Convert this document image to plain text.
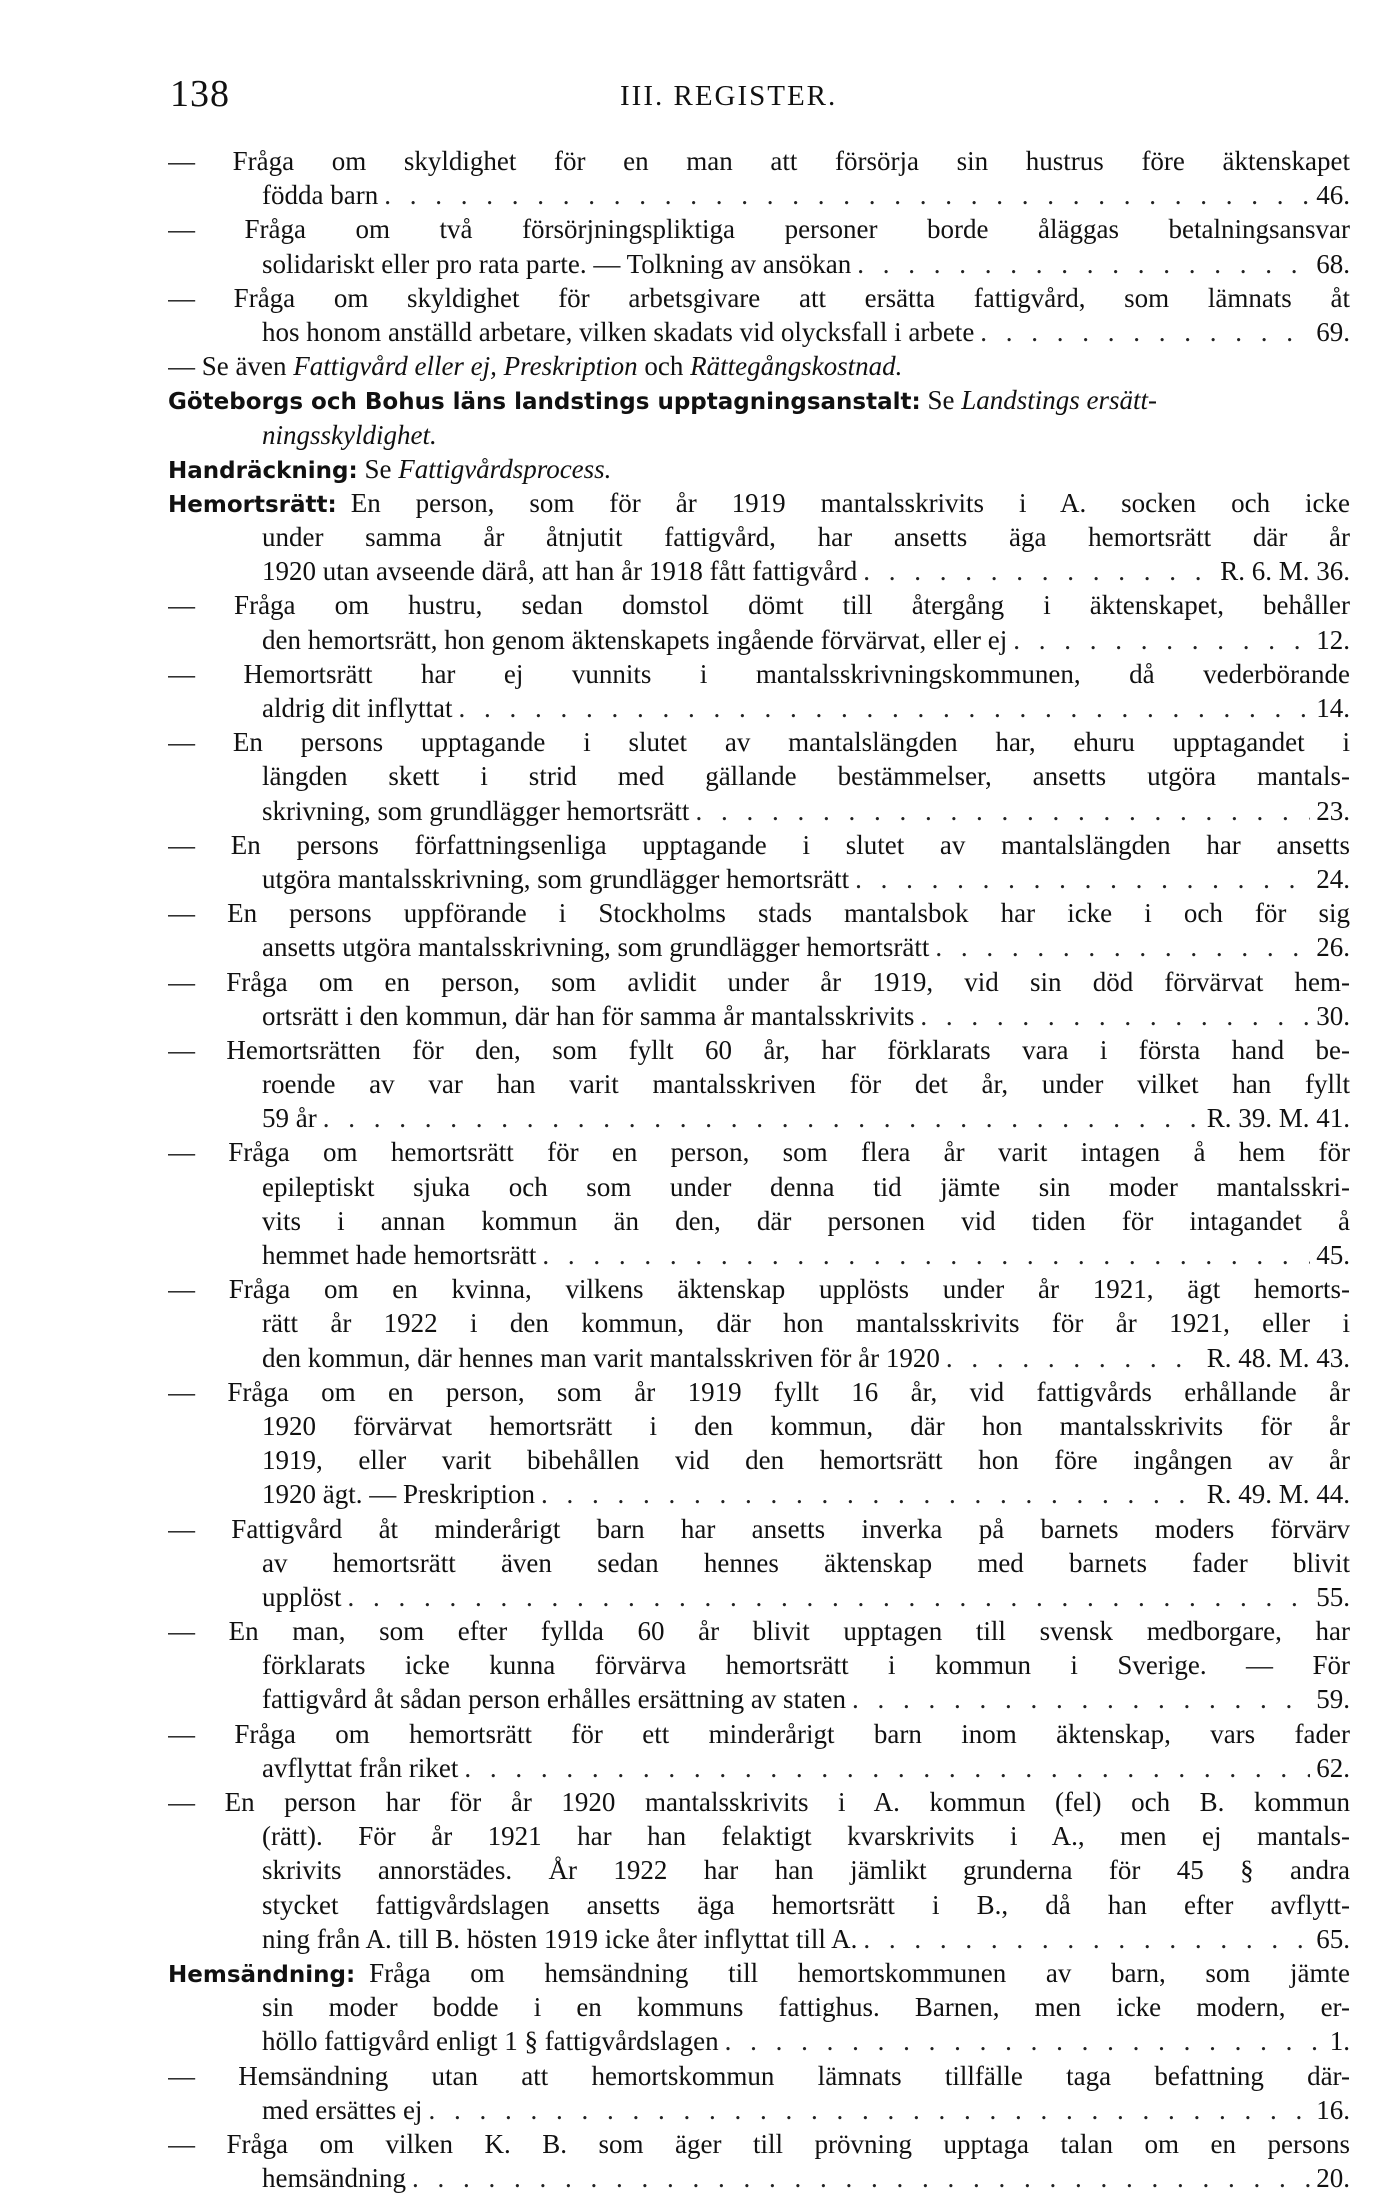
138	III. REGISTER.
— Fråga om skyldighet för en man att försörja sin hustrus före äktenskapet
födda barn . . .	46.
— Fråga om två försörjningspliktiga personer borde åläggas betalningsansvar
solidariskt eller pro rata parte. — Tolkning av ansökan . . .	68.
— Fråga om skyldighet för arbetsgivare att ersätta fattigvård, som lämnats åt
hos honom anställd arbetare, vilken skadats vid olycksfall i arbete . . .	69.
— Se även
Fattigvård eller ej, Preskription
och
Rättegångskostnad.
Göteborgs och Bohus läns landstings upptagningsanstalt:
Se
Landstings ersätt-
ningsskyldighet.
Handräckning:
Se
Fattigvårdsprocess.
Hemortsrätt: En person, som för år 1919 mantalsskrivits i A. socken och icke
under samma år åtnjutit fattigvård, har ansetts äga hemortsrätt där år
1920 utan avseende därå, att han år 1918 fått fattigvård . . .	R. 6. M. 36.
— Fråga om hustru, sedan domstol dömt till återgång i äktenskapet, behåller
den hemortsrätt, hon genom äktenskapets ingående förvärvat, eller ej . . .	12.
— Hemortsrätt har ej vunnits i mantalsskrivningskommunen, då vederbörande
aldrig dit inflyttat . . .	14.
— En persons upptagande i slutet av mantalslängden har, ehuru upptagandet i
längden skett i strid med gällande bestämmelser, ansetts utgöra mantals-
skrivning, som grundlägger hemortsrätt . . .	23.
— En persons författningsenliga upptagande i slutet av mantalslängden har ansetts
utgöra mantalsskrivning, som grundlägger hemortsrätt . . .	24.
— En persons uppförande i Stockholms stads mantalsbok har icke i och för sig
ansetts utgöra mantalsskrivning, som grundlägger hemortsrätt . . .	26.
— Fråga om en person, som avlidit under år 1919, vid sin död förvärvat hem-
ortsrätt i den kommun, där han för samma år mantalsskrivits . . .	30.
— Hemortsrätten för den, som fyllt 60 år, har förklarats vara i första hand be-
roende av var han varit mantalsskriven för det år, under vilket han fyllt
59 år . . .	R. 39. M. 41.
— Fråga om hemortsrätt för en person, som flera år varit intagen å hem för
epileptiskt sjuka och som under denna tid jämte sin moder mantalsskri-
vits i annan kommun än den, där personen vid tiden för intagandet å
hemmet hade hemortsrätt . . .	45.
— Fråga om en kvinna, vilkens äktenskap upplösts under år 1921, ägt hemorts-
rätt år 1922 i den kommun, där hon mantalsskrivits för år 1921, eller i
den kommun, där hennes man varit mantalsskriven för år 1920 . . .	R. 48. M. 43.
— Fråga om en person, som år 1919 fyllt 16 år, vid fattigvårds erhållande år
1920 förvärvat hemortsrätt i den kommun, där hon mantalsskrivits för år
1919, eller varit bibehållen vid den hemortsrätt hon före ingången av år
1920 ägt. — Preskription . . .	R. 49. M. 44.
— Fattigvård åt minderårigt barn har ansetts inverka på barnets moders förvärv
av hemortsrätt även sedan hennes äktenskap med barnets fader blivit
upplöst . . .	55.
— En man, som efter fyllda 60 år blivit upptagen till svensk medborgare, har
förklarats icke kunna förvärva hemortsrätt i kommun i Sverige. — För
fattigvård åt sådan person erhålles ersättning av staten . . .	59.
— Fråga om hemortsrätt för ett minderårigt barn inom äktenskap, vars fader
avflyttat från riket . . .	62.
— En person har för år 1920 mantalsskrivits i A. kommun (fel) och B. kommun
(rätt). För år 1921 har han felaktigt kvarskrivits i A., men ej mantals-
skrivits annorstädes. År 1922 har han jämlikt grunderna för 45 § andra
stycket fattigvårdslagen ansetts äga hemortsrätt i B., då han efter avflytt-
ning från A. till B. hösten 1919 icke åter inflyttat till A. . . .	65.
Hemsändning: Fråga om hemsändning till hemortskommunen av barn, som jämte
sin moder bodde i en kommuns fattighus. Barnen, men icke modern, er-
höllo fattigvård enligt 1 § fattigvårdslagen . . .	1.
— Hemsändning utan att hemortskommun lämnats tillfälle taga befattning där-
med ersättes ej . . .	16.
— Fråga om vilken K. B. som äger till prövning upptaga talan om en persons
hemsändning . . .	20.
